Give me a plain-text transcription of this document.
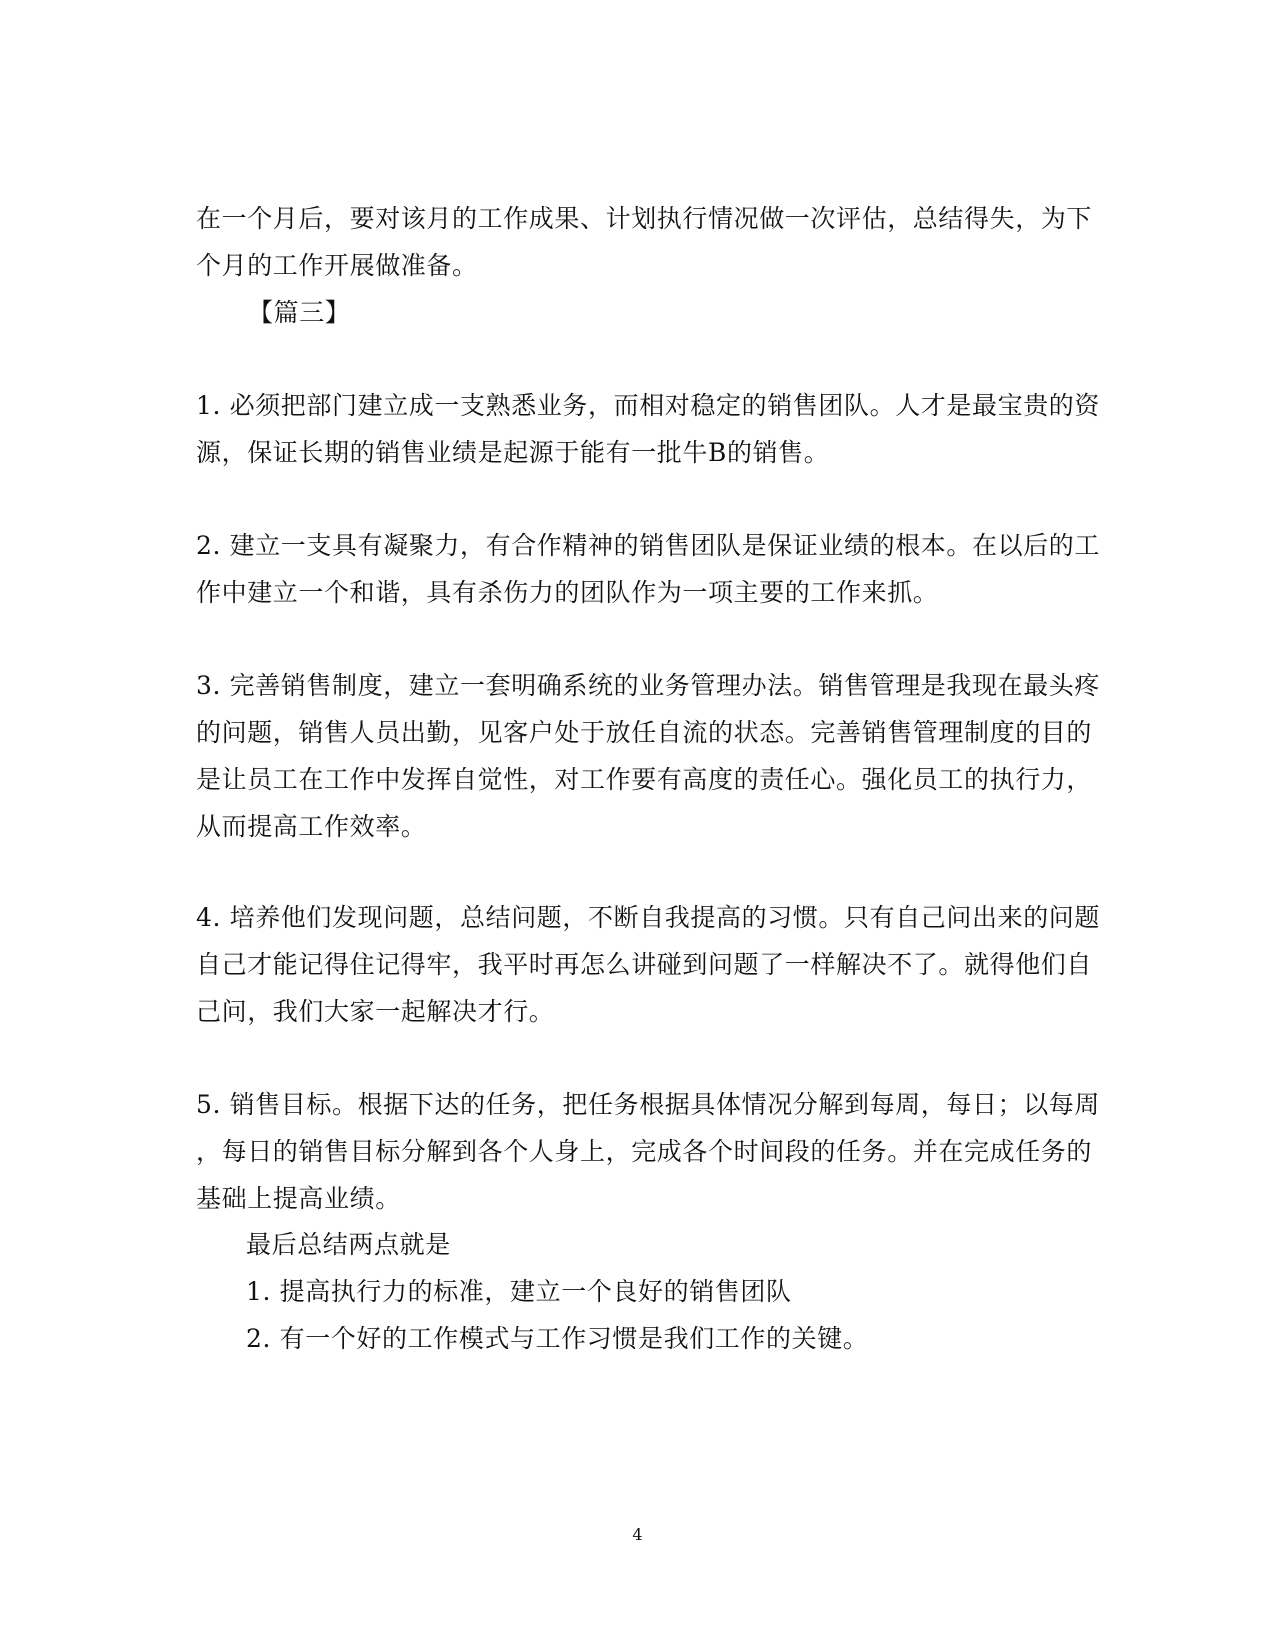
在一个月后，要对该月的工作成果、计划执行情况做一次评估，总结得失，为下
个月的工作开展做准备。
【篇三】
1. 必须把部门建立成一支熟悉业务，而相对稳定的销售团队。人才是最宝贵的资
源，保证长期的销售业绩是起源于能有一批牛B的销售。
2. 建立一支具有凝聚力，有合作精神的销售团队是保证业绩的根本。在以后的工
作中建立一个和谐，具有杀伤力的团队作为一项主要的工作来抓。
3. 完善销售制度，建立一套明确系统的业务管理办法。销售管理是我现在最头疼
的问题，销售人员出勤，见客户处于放任自流的状态。完善销售管理制度的目的
是让员工在工作中发挥自觉性，对工作要有高度的责任心。强化员工的执行力，
从而提高工作效率。
4. 培养他们发现问题，总结问题，不断自我提高的习惯。只有自己问出来的问题
自己才能记得住记得牢，我平时再怎么讲碰到问题了一样解决不了。就得他们自
己问，我们大家一起解决才行。
5. 销售目标。根据下达的任务，把任务根据具体情况分解到每周，每日；以每周
，每日的销售目标分解到各个人身上，完成各个时间段的任务。并在完成任务的
基础上提高业绩。
最后总结两点就是
1. 提高执行力的标准，建立一个良好的销售团队
2. 有一个好的工作模式与工作习惯是我们工作的关键。
4
